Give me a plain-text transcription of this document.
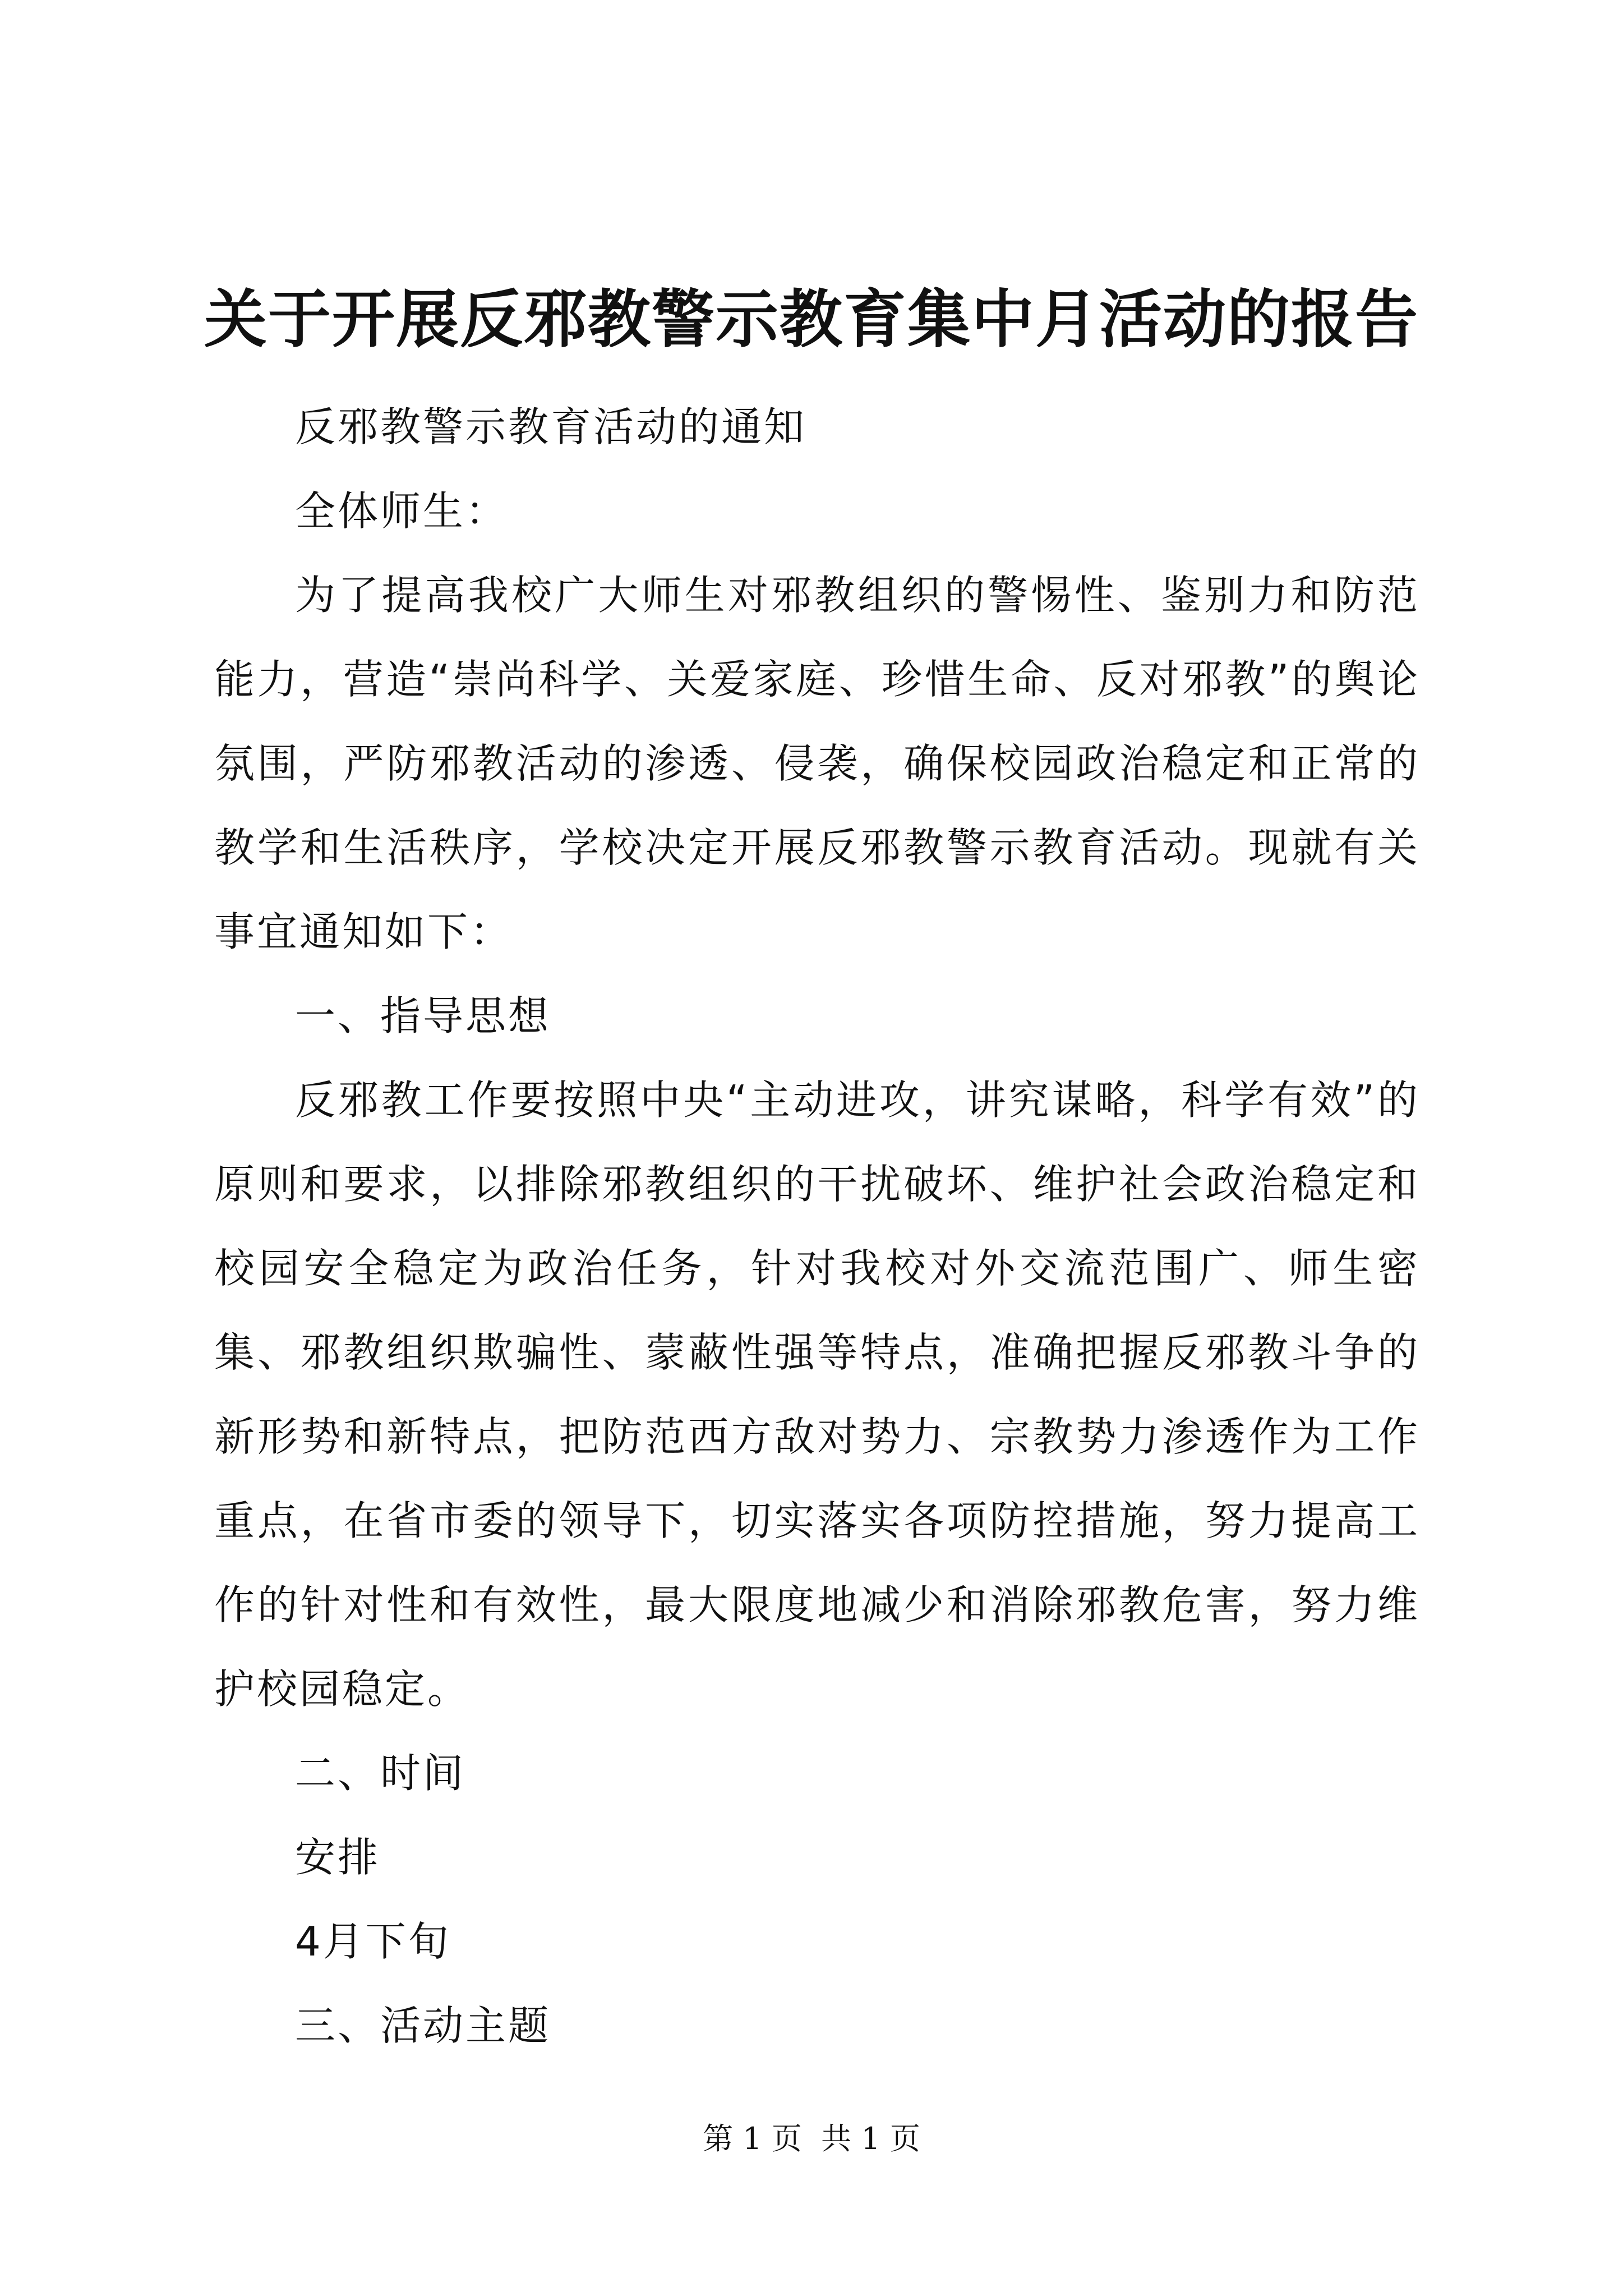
关于开展反邪教警示教育集中月活动的报告

反邪教警示教育活动的通知

全体师生：

为了提高我校广大师生对邪教组织的警惕性、鉴别力和防范能力，营造“崇尚科学、关爱家庭、珍惜生命、反对邪教”的舆论氛围，严防邪教活动的渗透、侵袭，确保校园政治稳定和正常的教学和生活秩序，学校决定开展反邪教警示教育活动。现就有关事宜通知如下：

一、指导思想

反邪教工作要按照中央“主动进攻，讲究谋略，科学有效”的原则和要求，以排除邪教组织的干扰破坏、维护社会政治稳定和校园安全稳定为政治任务，针对我校对外交流范围广、师生密集、邪教组织欺骗性、蒙蔽性强等特点，准确把握反邪教斗争的新形势和新特点，把防范西方敌对势力、宗教势力渗透作为工作重点，在省市委的领导下，切实落实各项防控措施，努力提高工作的针对性和有效性，最大限度地减少和消除邪教危害，努力维护校园稳定。

二、时间

安排

4月下旬

三、活动主题

第 1 页  共 1 页
